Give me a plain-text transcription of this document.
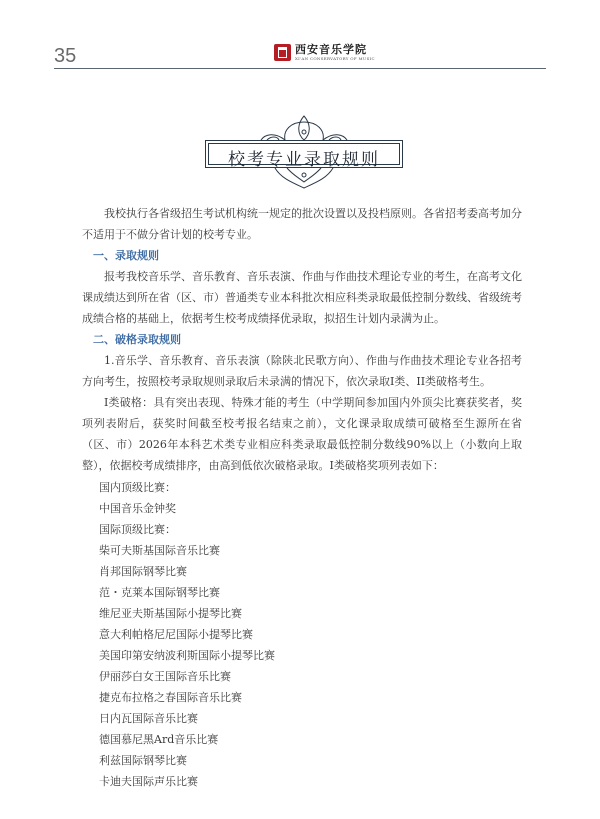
35	西安音乐学院
XI'AN CONSERVATORY OF MUSIC
校考专业录取规则

我校执行各省级招生考试机构统一规定的批次设置以及投档原则。各省招考委高考加分不适用于不做分省计划的校考专业。

一、录取规则

报考我校音乐学、音乐教育、音乐表演、作曲与作曲技术理论专业的考生，在高考文化课成绩达到所在省（区、市）普通类专业本科批次相应科类录取最低控制分数线、省级统考成绩合格的基础上，依据考生校考成绩择优录取，拟招生计划内录满为止。

二、破格录取规则

1.音乐学、音乐教育、音乐表演（除陕北民歌方向）、作曲与作曲技术理论专业各招考方向考生，按照校考录取规则录取后未录满的情况下，依次录取I类、II类破格考生。

I类破格：具有突出表现、特殊才能的考生（中学期间参加国内外顶尖比赛获奖者，奖项列表附后，获奖时间截至校考报名结束之前），文化课录取成绩可破格至生源所在省（区、市）2026年本科艺术类专业相应科类录取最低控制分数线90%以上（小数向上取整），依据校考成绩排序，由高到低依次破格录取。I类破格奖项列表如下：

国内顶级比赛：
中国音乐金钟奖
国际顶级比赛：
柴可夫斯基国际音乐比赛
肖邦国际钢琴比赛
范・克莱本国际钢琴比赛
维尼亚夫斯基国际小提琴比赛
意大利帕格尼尼国际小提琴比赛
美国印第安纳波利斯国际小提琴比赛
伊丽莎白女王国际音乐比赛
捷克布拉格之春国际音乐比赛
日内瓦国际音乐比赛
德国慕尼黑Ard音乐比赛
利兹国际钢琴比赛
卡迪夫国际声乐比赛
